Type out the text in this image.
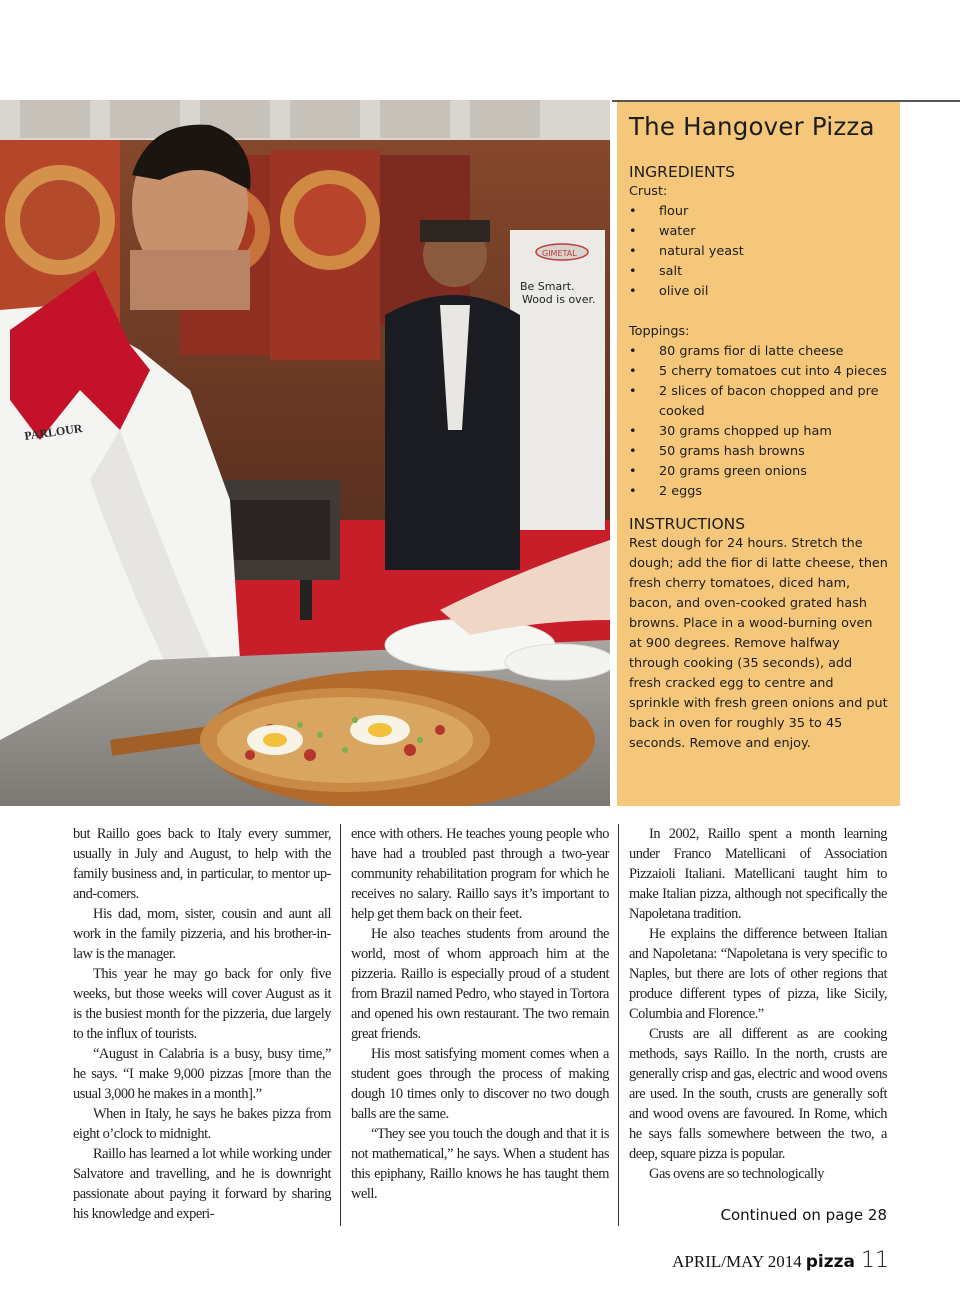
Be Smart. Wood is over.
GIMETAL
PARLOUR
The Hangover Pizza
INGREDIENTS

Crust:

• flour
• water
• natural yeast
• salt
• olive oil

Toppings:

• 80 grams fior di latte cheese
• 5 cherry tomatoes cut into 4 pieces
• 2 slices of bacon chopped and pre cooked
• 30 grams chopped up ham
• 50 grams hash browns
• 20 grams green onions
• 2 eggs
INSTRUCTIONS

Rest dough for 24 hours. Stretch the dough; add the fior di latte cheese, then fresh cherry tomatoes, diced ham, bacon, and oven-cooked grated hash browns. Place in a wood-burning oven at 900 degrees. Remove halfway through cooking (35 seconds), add fresh cracked egg to centre and sprinkle with fresh green onions and put back in oven for roughly 35 to 45 seconds. Remove and enjoy.

but Raillo goes back to Italy every summer, usually in July and August, to help with the family business and, in particular, to mentor up-and-comers.

His dad, mom, sister, cousin and aunt all work in the family pizzeria, and his brother-in-law is the manager.

This year he may go back for only five weeks, but those weeks will cover August as it is the busiest month for the pizzeria, due largely to the influx of tourists.

“August in Calabria is a busy, busy time,” he says. “I make 9,000 pizzas [more than the usual 3,000 he makes in a month].”

When in Italy, he says he bakes pizza from eight o’clock to midnight.

Raillo has learned a lot while working under Salvatore and travelling, and he is downright passionate about paying it forward by sharing his knowledge and experi-

ence with others. He teaches young people who have had a troubled past through a two-year community rehabilitation program for which he receives no salary. Raillo says it’s important to help get them back on their feet.

He also teaches students from around the world, most of whom approach him at the pizzeria. Raillo is especially proud of a student from Brazil named Pedro, who stayed in Tortora and opened his own restaurant. The two remain great friends.

His most satisfying moment comes when a student goes through the process of making dough 10 times only to discover no two dough balls are the same.

“They see you touch the dough and that it is not mathematical,” he says. When a student has this epiphany, Raillo knows he has taught them well.

In 2002, Raillo spent a month learning under Franco Matellicani of Association Pizzaioli Italiani. Matellicani taught him to make Italian pizza, although not specifically the Napoletana tradition.

He explains the difference between Italian and Napoletana: “Napoletana is very specific to Naples, but there are lots of other regions that produce different types of pizza, like Sicily, Columbia and Florence.”

Crusts are all different as are cooking methods, says Raillo. In the north, crusts are generally crisp and gas, electric and wood ovens are used. In the south, crusts are generally soft and wood ovens are favoured. In Rome, which he says falls somewhere between the two, a deep, square pizza is popular.

Gas ovens are so technologically

Continued on page 28
APRIL/MAY 2014 pizza 11
